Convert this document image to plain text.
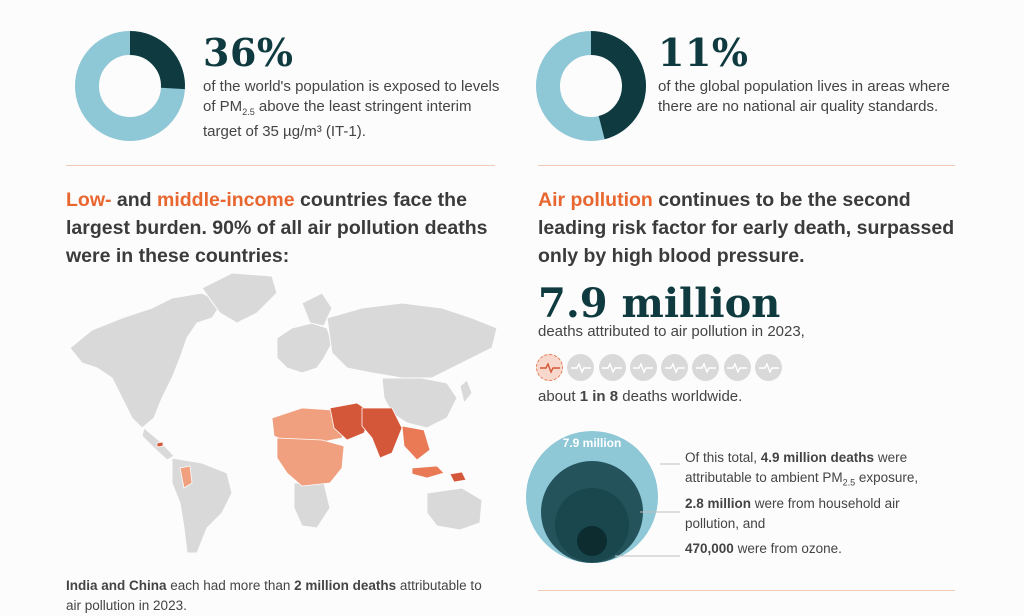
36%
of the world's population is exposed to levels of $PM_{2.5}$ above the least stringent interim target of 35 µg/m³ (IT-1).
11%
of the global population lives in areas where there are no national air quality standards.
Low- and middle-income countries face the largest burden. 90% of all air pollution deaths were in these countries:
India and China each had more than 2 million deaths attributable to air pollution in 2023.
Air pollution continues to be the second leading risk factor for early death, surpassed only by high blood pressure.
7.9 million
deaths attributed to air pollution in 2023,
about 1 in 8 deaths worldwide.
7.9 million
Of this total, 4.9 million deaths were attributable to ambient $PM_{2.5}$ exposure,
2.8 million were from household air pollution, and
470,000 were from ozone.
